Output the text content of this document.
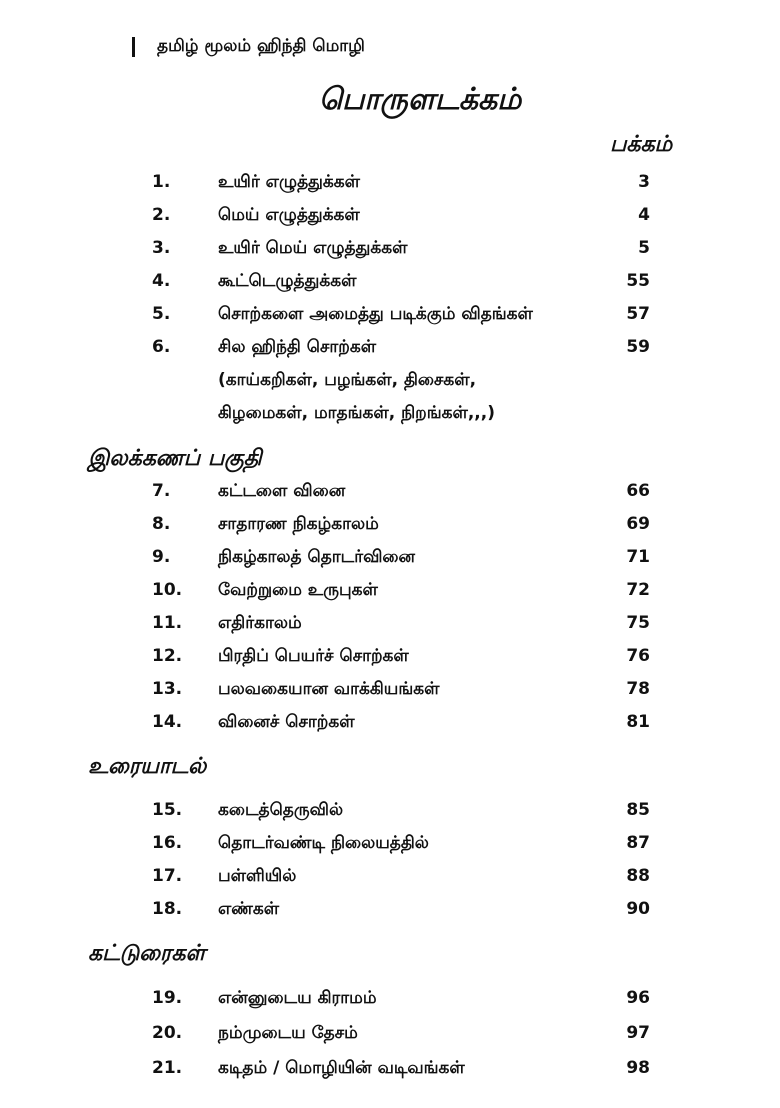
தமிழ் மூலம் ஹிந்தி மொழி
பொருளடக்கம்
பக்கம்
1.	உயிர் எழுத்துக்கள்	3
2.	மெய் எழுத்துக்கள்	4
3.	உயிர் மெய் எழுத்துக்கள்	5
4.	கூட்டெழுத்துக்கள்	55
5.	சொற்களை அமைத்து படிக்கும் விதங்கள்	57
6.	சில ஹிந்தி சொற்கள்	59
(காய்கறிகள், பழங்கள், திசைகள்,
கிழமைகள், மாதங்கள், நிறங்கள்,,,)
இலக்கணப் பகுதி
7.	கட்டளை வினை	66
8.	சாதாரண நிகழ்காலம்	69
9.	நிகழ்காலத் தொடர்வினை	71
10. வேற்றுமை உருபுகள்	72
11. எதிர்காலம்	75
12. பிரதிப் பெயர்ச் சொற்கள்	76
13. பலவகையான வாக்கியங்கள்	78
14. வினைச் சொற்கள்	81
உரையாடல்
15. கடைத்தெருவில்	85
16. தொடர்வண்டி நிலையத்தில்	87
17. பள்ளியில்	88
18. எண்கள்	90
கட்டுரைகள்
19. என்னுடைய கிராமம்	96
20. நம்முடைய தேசம்	97
21. கடிதம் / மொழியின் வடிவங்கள்	98
